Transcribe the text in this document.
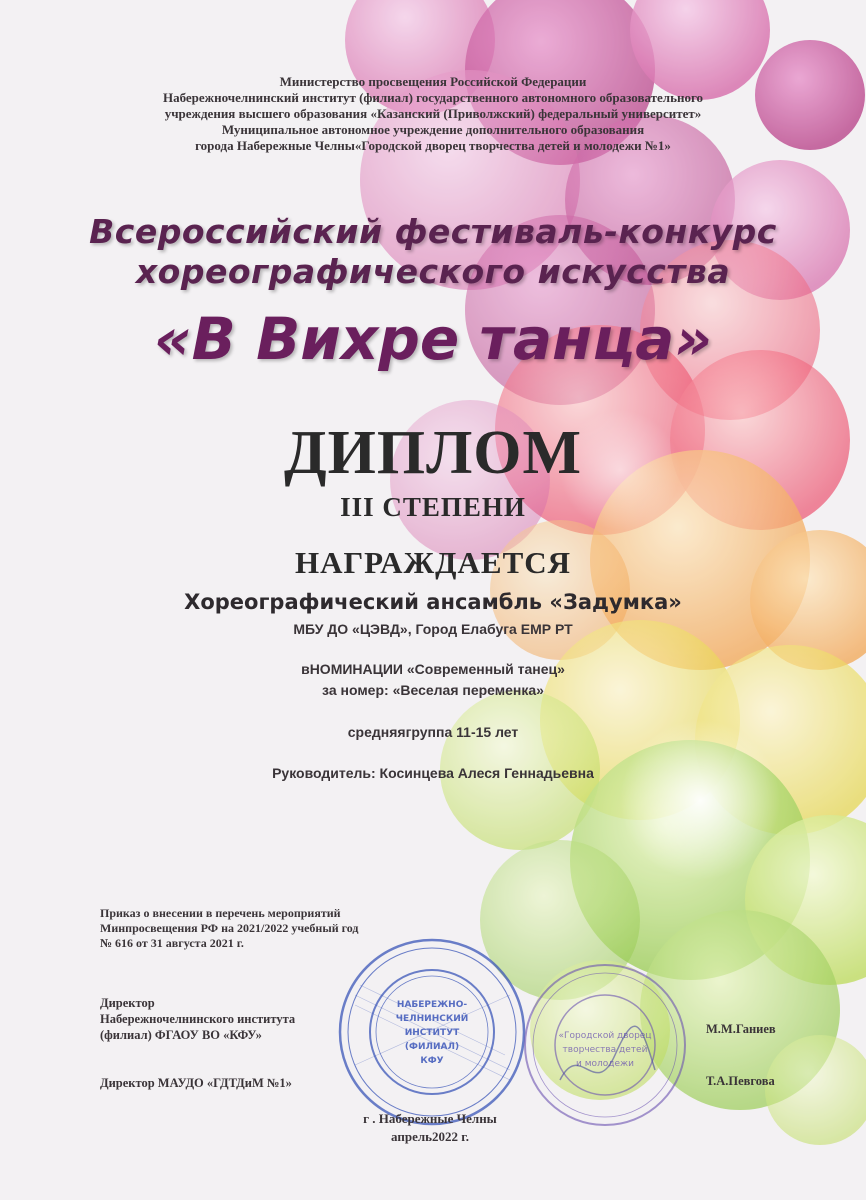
Министерство просвещения Российской Федерации
Набережночелнинский институт (филиал) государственного автономного образовательного
учреждения высшего образования «Казанский (Приволжский) федеральный университет»
Муниципальное автономное учреждение дополнительного образования
города Набережные Челны«Городской дворец творчества детей и молодежи №1»
Всероссийский фестиваль-конкурс
хореографического искусства
«В Вихре танца»
ДИПЛОМ
III СТЕПЕНИ
НАГРАЖДАЕТСЯ
Хореографический ансамбль «Задумка»
МБУ ДО «ЦЭВД», Город Елабуга ЕМР РТ
вНОМИНАЦИИ «Современный танец»
за номер: «Веселая переменка»
средняягруппа 11-15 лет
Руководитель: Косинцева Алеся Геннадьевна
Приказ о внесении в перечень мероприятий
Минпросвещения РФ на 2021/2022 учебный год
№ 616 от 31 августа 2021 г.
НАБЕРЕЖНО-
ЧЕЛНИНСКИЙ
ИНСТИТУТ
(ФИЛИАЛ)
КФУ
«Городской дворец
творчества детей
и молодежи
Директор
Набережночелнинского института
(филиал) ФГАОУ ВО «КФУ»	М.М.Ганиев
Директор МАУДО «ГДТДиМ №1»	Т.А.Певгова
г . Набережные Челны
апрель2022 г.
